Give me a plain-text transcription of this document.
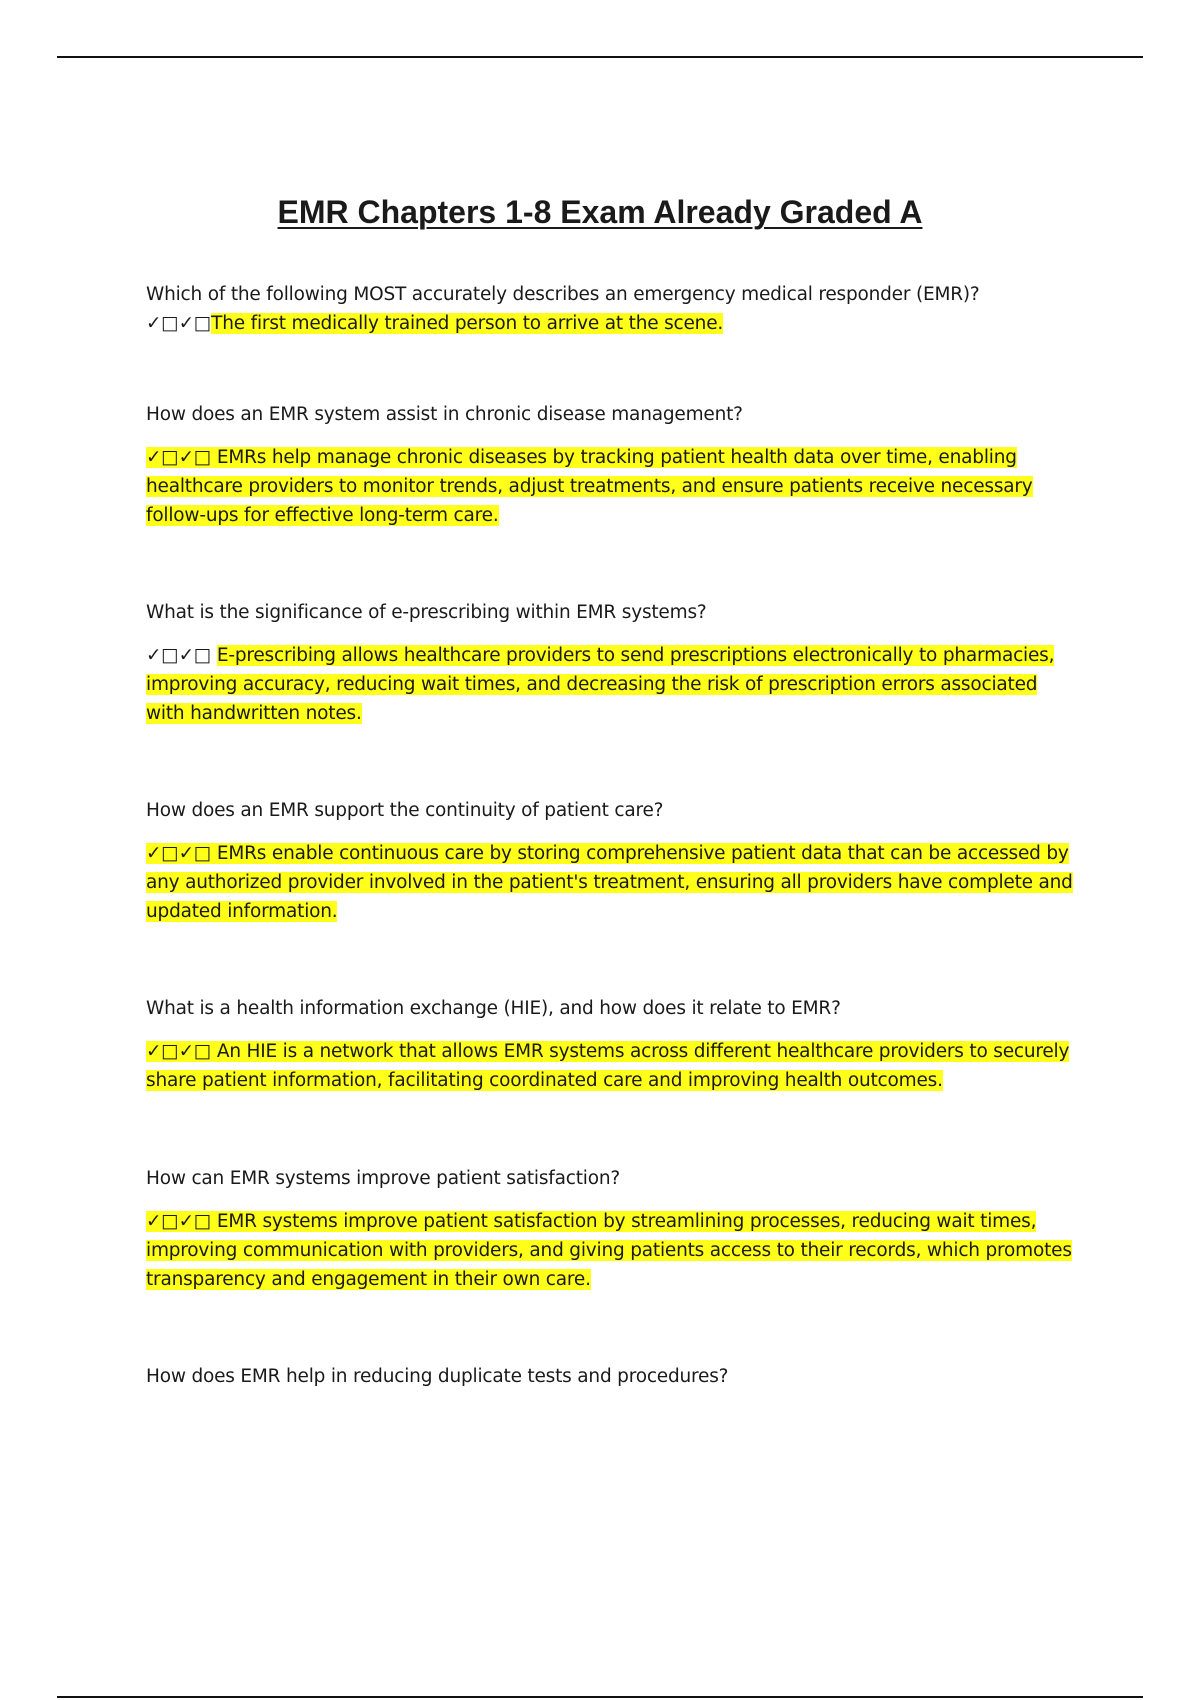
EMR Chapters 1-8 Exam Already Graded A

Which of the following MOST accurately describes an emergency medical responder (EMR)? ✓□✓□The first medically trained person to arrive at the scene.

How does an EMR system assist in chronic disease management?

✓□✓□ EMRs help manage chronic diseases by tracking patient health data over time, enabling healthcare providers to monitor trends, adjust treatments, and ensure patients receive necessary follow-ups for effective long-term care.

What is the significance of e-prescribing within EMR systems?

✓□✓□ E-prescribing allows healthcare providers to send prescriptions electronically to pharmacies, improving accuracy, reducing wait times, and decreasing the risk of prescription errors associated with handwritten notes.

How does an EMR support the continuity of patient care?

✓□✓□ EMRs enable continuous care by storing comprehensive patient data that can be accessed by any authorized provider involved in the patient's treatment, ensuring all providers have complete and updated information.

What is a health information exchange (HIE), and how does it relate to EMR?

✓□✓□ An HIE is a network that allows EMR systems across different healthcare providers to securely share patient information, facilitating coordinated care and improving health outcomes.

How can EMR systems improve patient satisfaction?

✓□✓□ EMR systems improve patient satisfaction by streamlining processes, reducing wait times, improving communication with providers, and giving patients access to their records, which promotes transparency and engagement in their own care.

How does EMR help in reducing duplicate tests and procedures?
